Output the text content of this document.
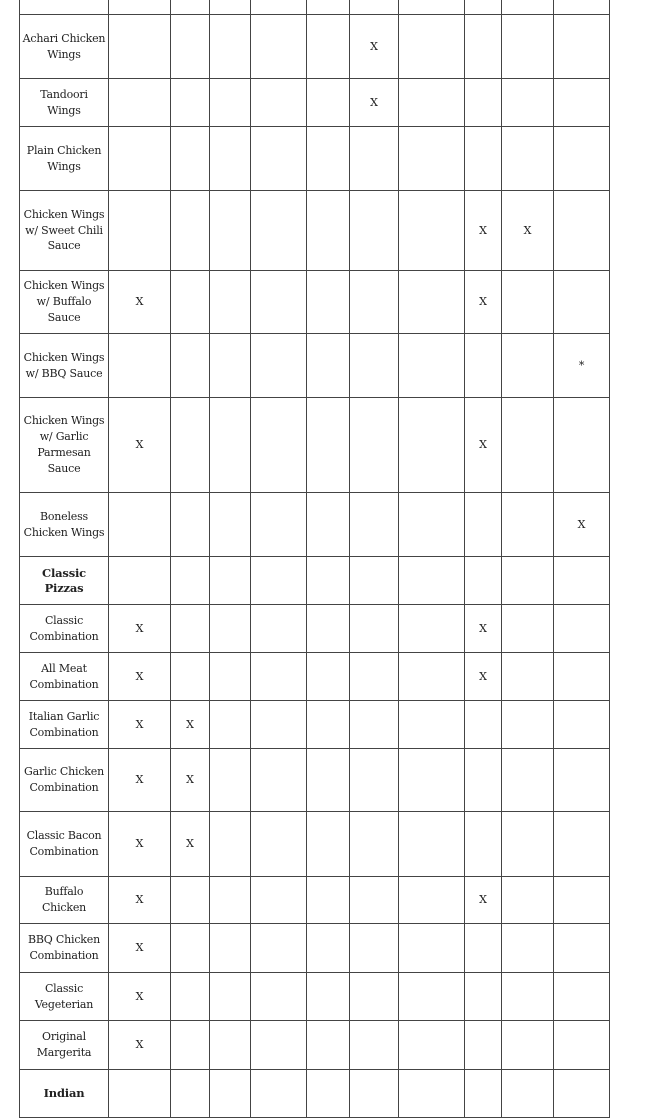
Achari Chicken Wings						X				
Tandoori Wings						X				
Plain Chicken Wings										
Chicken Wings w/ Sweet Chili Sauce								X	X	
Chicken Wings w/ Buffalo Sauce	X							X		
Chicken Wings w/ BBQ Sauce										*
Chicken Wings w/ Garlic Parmesan Sauce	X							X		
Boneless Chicken Wings										X
Classic Pizzas										
Classic Combination	X							X		
All Meat Combination	X							X		
Italian Garlic Combination	X	X								
Garlic Chicken Combination	X	X								
Classic Bacon Combination	X	X								
Buffalo Chicken	X							X		
BBQ Chicken Combination	X									
Classic Vegeterian	X									
Original Margerita	X									
Indian										
